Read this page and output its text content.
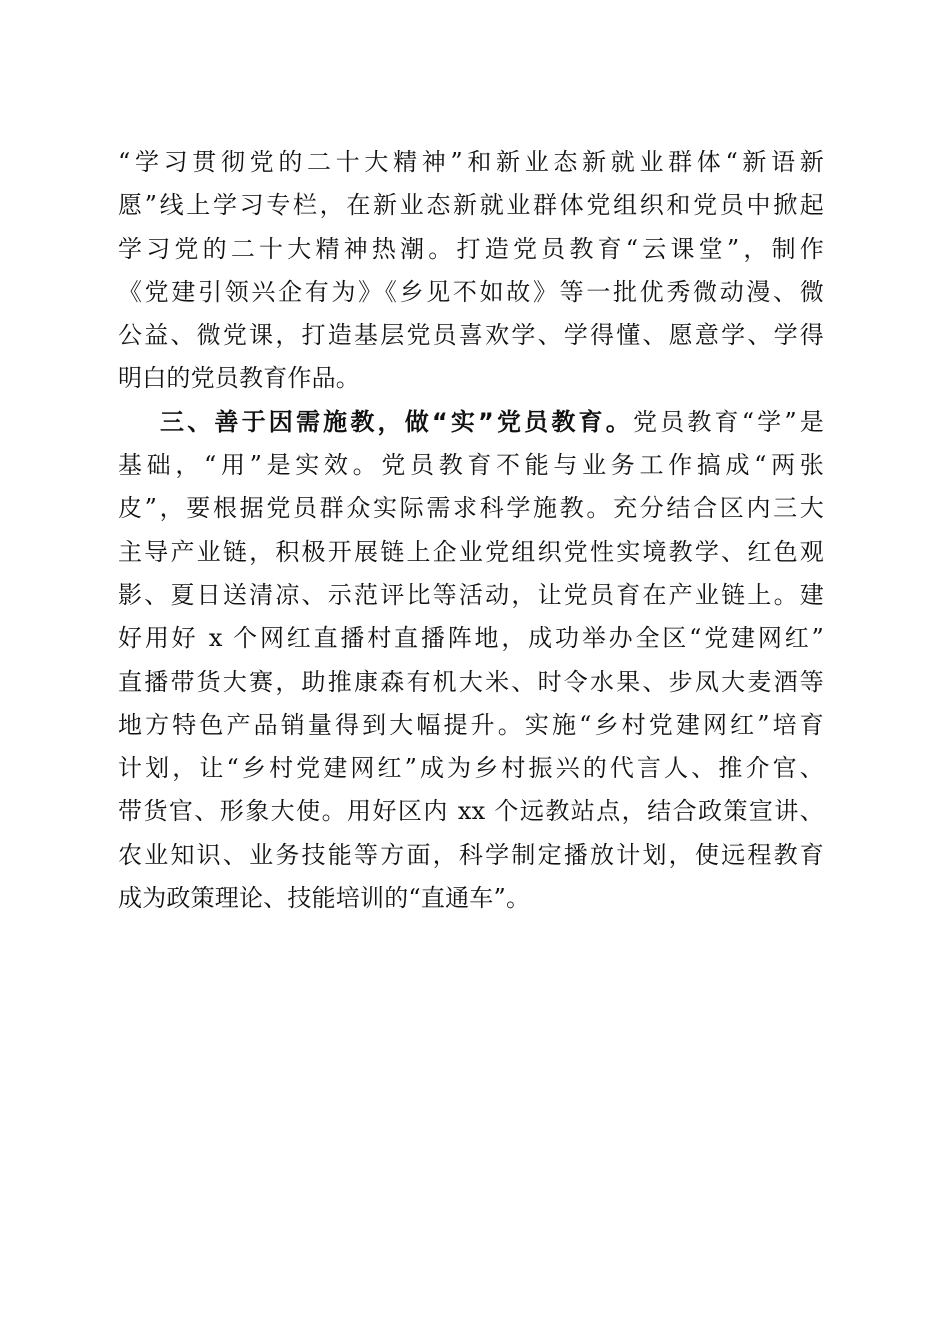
“学习贯彻党的二十大精神”和新业态新就业群体“新语新
愿”线上学习专栏，在新业态新就业群体党组织和党员中掀起
学习党的二十大精神热潮。打造党员教育“云课堂”，制作
《党建引领兴企有为》《乡见不如故》等一批优秀微动漫、微
公益、微党课，打造基层党员喜欢学、学得懂、愿意学、学得
明白的党员教育作品。
三、善于因需施教，做“实”党员教育。党员教育“学”是
基础，“用”是实效。党员教育不能与业务工作搞成“两张
皮”，要根据党员群众实际需求科学施教。充分结合区内三大
主导产业链，积极开展链上企业党组织党性实境教学、红色观
影、夏日送清凉、示范评比等活动，让党员育在产业链上。建
好用好 x 个网红直播村直播阵地，成功举办全区“党建网红”
直播带货大赛，助推康森有机大米、时令水果、步凤大麦酒等
地方特色产品销量得到大幅提升。实施“乡村党建网红”培育
计划，让“乡村党建网红”成为乡村振兴的代言人、推介官、
带货官、形象大使。用好区内 xx 个远教站点，结合政策宣讲、
农业知识、业务技能等方面，科学制定播放计划，使远程教育
成为政策理论、技能培训的“直通车”。
